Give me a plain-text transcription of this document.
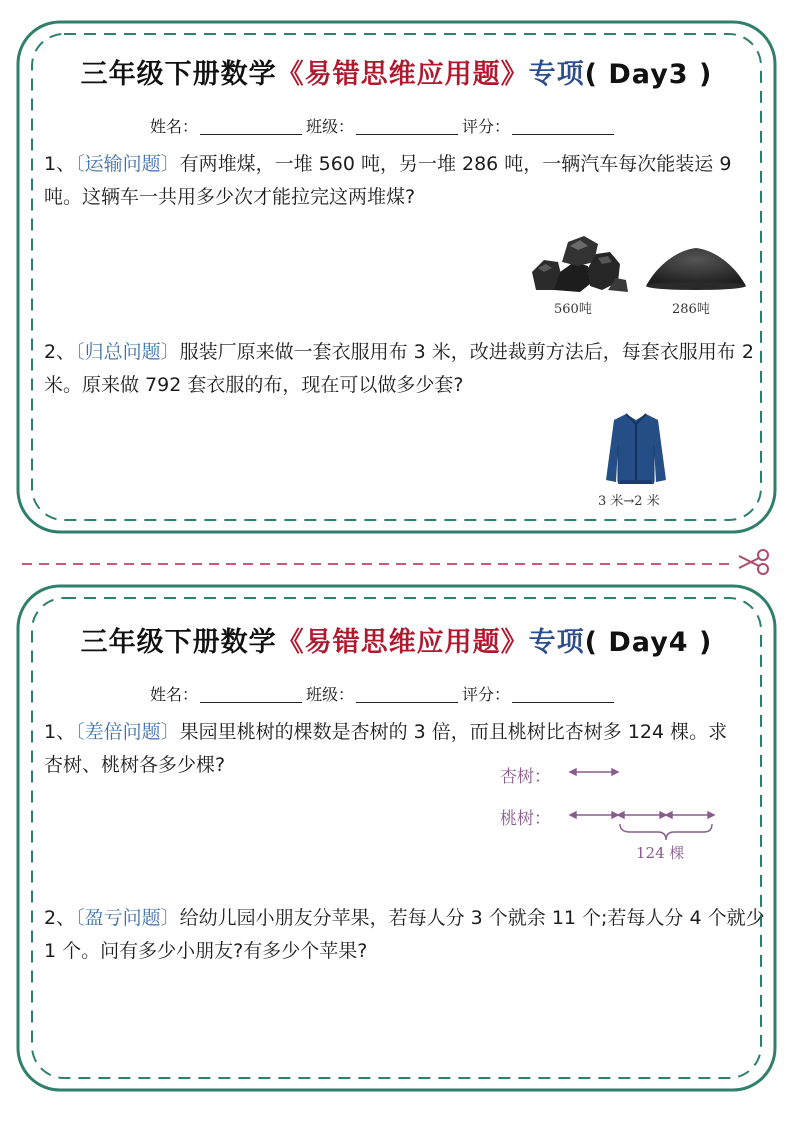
三年级下册数学《易错思维应用题》专项( Day3 )
姓名：	班级：	评分：
1、〔运输问题〕有两堆煤，一堆 560 吨，另一堆 286 吨，一辆汽车每次能装运 9 吨。这辆车一共用多少次才能拉完这两堆煤?
560吨	286吨
2、〔归总问题〕服装厂原来做一套衣服用布 3 米，改进裁剪方法后，每套衣服用布 2 米。原来做 792 套衣服的布，现在可以做多少套?
3 米→2 米
三年级下册数学《易错思维应用题》专项( Day4 )
姓名：	班级：	评分：
1、〔差倍问题〕果园里桃树的棵数是杏树的 3 倍，而且桃树比杏树多 124 棵。求杏树、桃树各多少棵?
杏树：
桃树：
124 棵
2、〔盈亏问题〕给幼儿园小朋友分苹果，若每人分 3 个就余 11 个;若每人分 4 个就少 1 个。问有多少小朋友?有多少个苹果?
